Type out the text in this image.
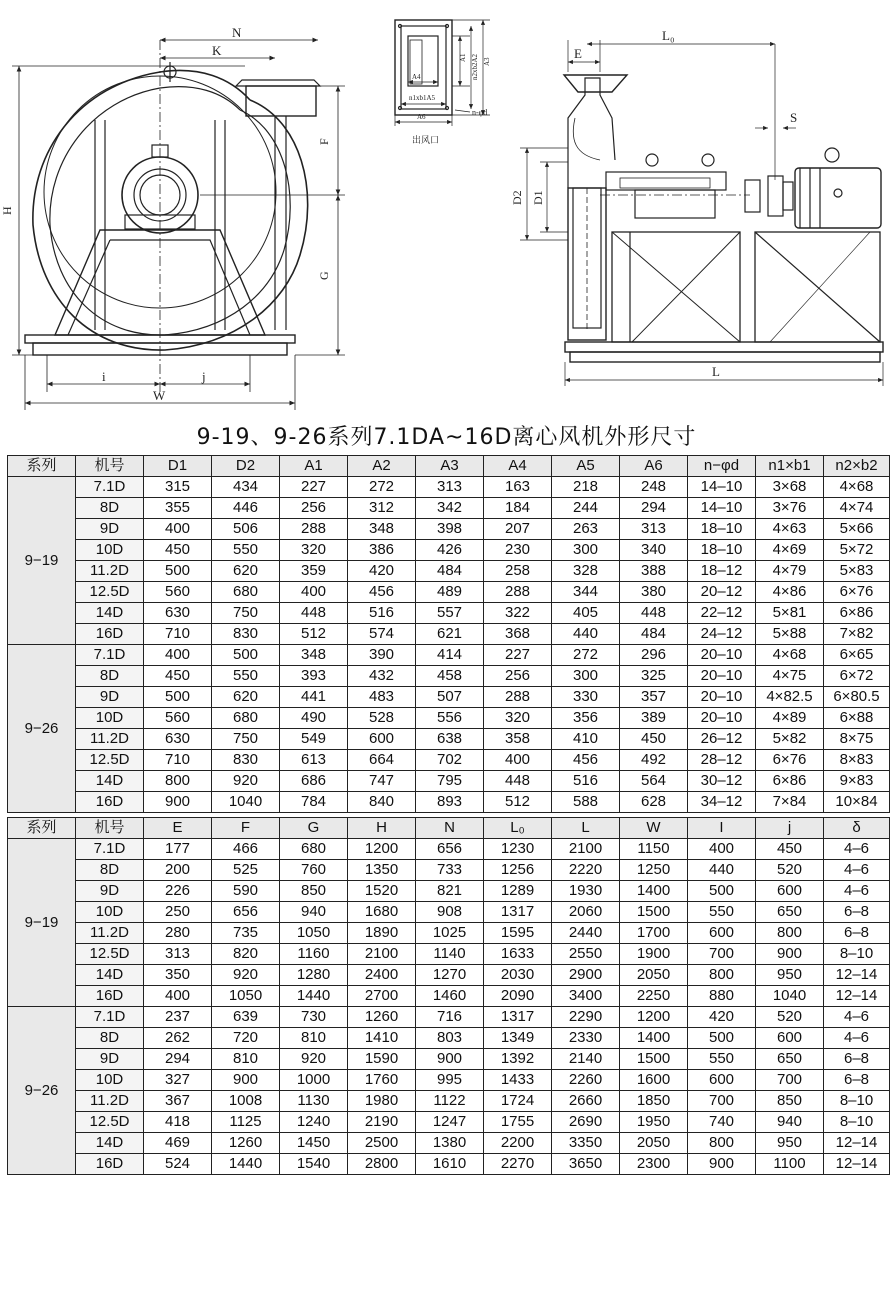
N
K
F
G
H
i	j
W
A1 n2xb2A2 A3
A4
n1xb1A5
A6	n-φd
出风口
E
L₀
S
D2 D1
L
9-19、9-26系列7.1DA~16D离心风机外形尺寸
系列	机号	D1	D2	A1	A2	A3	A4	A5	A6	n−φd	n1×b1	n2×b2
9−19	7.1D	315	434	227	272	313	163	218	248	14–10	3×68	4×68
	8D	355	446	256	312	342	184	244	294	14–10	3×76	4×74
	9D	400	506	288	348	398	207	263	313	18–10	4×63	5×66
	10D	450	550	320	386	426	230	300	340	18–10	4×69	5×72
	11.2D	500	620	359	420	484	258	328	388	18–12	4×79	5×83
	12.5D	560	680	400	456	489	288	344	380	20–12	4×86	6×76
	14D	630	750	448	516	557	322	405	448	22–12	5×81	6×86
	16D	710	830	512	574	621	368	440	484	24–12	5×88	7×82
9−26	7.1D	400	500	348	390	414	227	272	296	20–10	4×68	6×65
	8D	450	550	393	432	458	256	300	325	20–10	4×75	6×72
	9D	500	620	441	483	507	288	330	357	20–10	4×82.5	6×80.5
	10D	560	680	490	528	556	320	356	389	20–10	4×89	6×88
	11.2D	630	750	549	600	638	358	410	450	26–12	5×82	8×75
	12.5D	710	830	613	664	702	400	456	492	28–12	6×76	8×83
	14D	800	920	686	747	795	448	516	564	30–12	6×86	9×83
	16D	900	1040	784	840	893	512	588	628	34–12	7×84	10×84
系列	机号	E	F	G	H	N	L₀	L	W	I	j	δ
9−19	7.1D	177	466	680	1200	656	1230	2100	1150	400	450	4–6
	8D	200	525	760	1350	733	1256	2220	1250	440	520	4–6
	9D	226	590	850	1520	821	1289	1930	1400	500	600	4–6
	10D	250	656	940	1680	908	1317	2060	1500	550	650	6–8
	11.2D	280	735	1050	1890	1025	1595	2440	1700	600	800	6–8
	12.5D	313	820	1160	2100	1140	1633	2550	1900	700	900	8–10
	14D	350	920	1280	2400	1270	2030	2900	2050	800	950	12–14
	16D	400	1050	1440	2700	1460	2090	3400	2250	880	1040	12–14
9−26	7.1D	237	639	730	1260	716	1317	2290	1200	420	520	4–6
	8D	262	720	810	1410	803	1349	2330	1400	500	600	4–6
	9D	294	810	920	1590	900	1392	2140	1500	550	650	6–8
	10D	327	900	1000	1760	995	1433	2260	1600	600	700	6–8
	11.2D	367	1008	1130	1980	1122	1724	2660	1850	700	850	8–10
	12.5D	418	1125	1240	2190	1247	1755	2690	1950	740	940	8–10
	14D	469	1260	1450	2500	1380	2200	3350	2050	800	950	12–14
	16D	524	1440	1540	2800	1610	2270	3650	2300	900	1100	12–14
